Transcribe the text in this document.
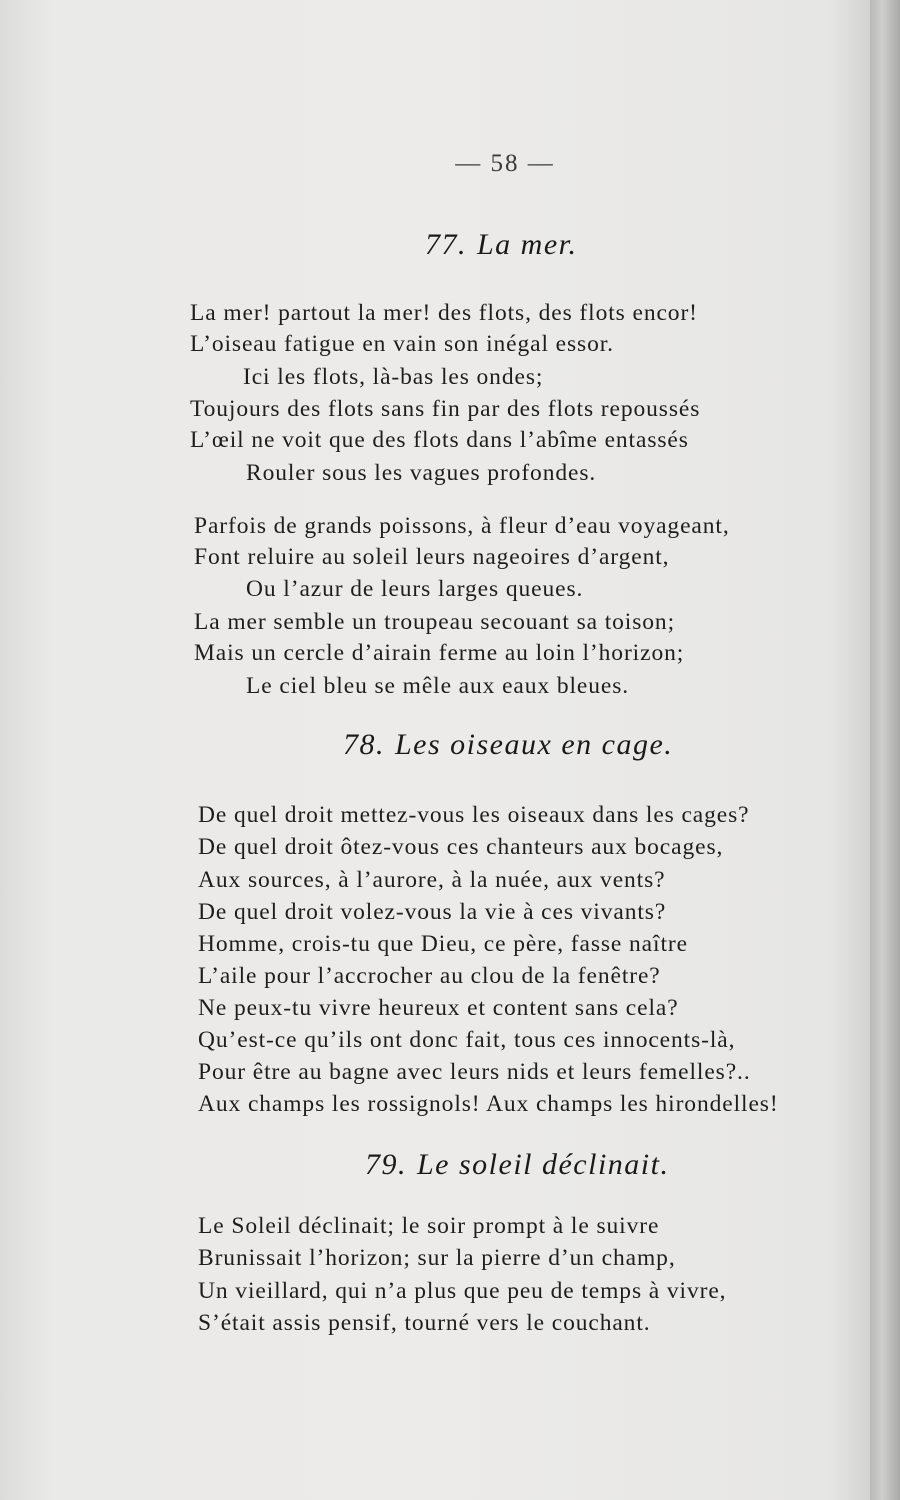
— 58 —
77. La mer.
La mer! partout la mer! des flots, des flots encor!
L’oiseau fatigue en vain son inégal essor.
Ici les flots, là-bas les ondes;
Toujours des flots sans fin par des flots repoussés
L’œil ne voit que des flots dans l’abîme entassés
Rouler sous les vagues profondes.
Parfois de grands poissons, à fleur d’eau voyageant,
Font reluire au soleil leurs nageoires d’argent,
Ou l’azur de leurs larges queues.
La mer semble un troupeau secouant sa toison;
Mais un cercle d’airain ferme au loin l’horizon;
Le ciel bleu se mêle aux eaux bleues.
78. Les oiseaux en cage.
De quel droit mettez-vous les oiseaux dans les cages?
De quel droit ôtez-vous ces chanteurs aux bocages,
Aux sources, à l’aurore, à la nuée, aux vents?
De quel droit volez-vous la vie à ces vivants?
Homme, crois-tu que Dieu, ce père, fasse naître
L’aile pour l’accrocher au clou de la fenêtre?
Ne peux-tu vivre heureux et content sans cela?
Qu’est-ce qu’ils ont donc fait, tous ces innocents-là,
Pour être au bagne avec leurs nids et leurs femelles?..
Aux champs les rossignols! Aux champs les hirondelles!
79. Le soleil déclinait.
Le Soleil déclinait; le soir prompt à le suivre
Brunissait l’horizon; sur la pierre d’un champ,
Un vieillard, qui n’a plus que peu de temps à vivre,
S’était assis pensif, tourné vers le couchant.
